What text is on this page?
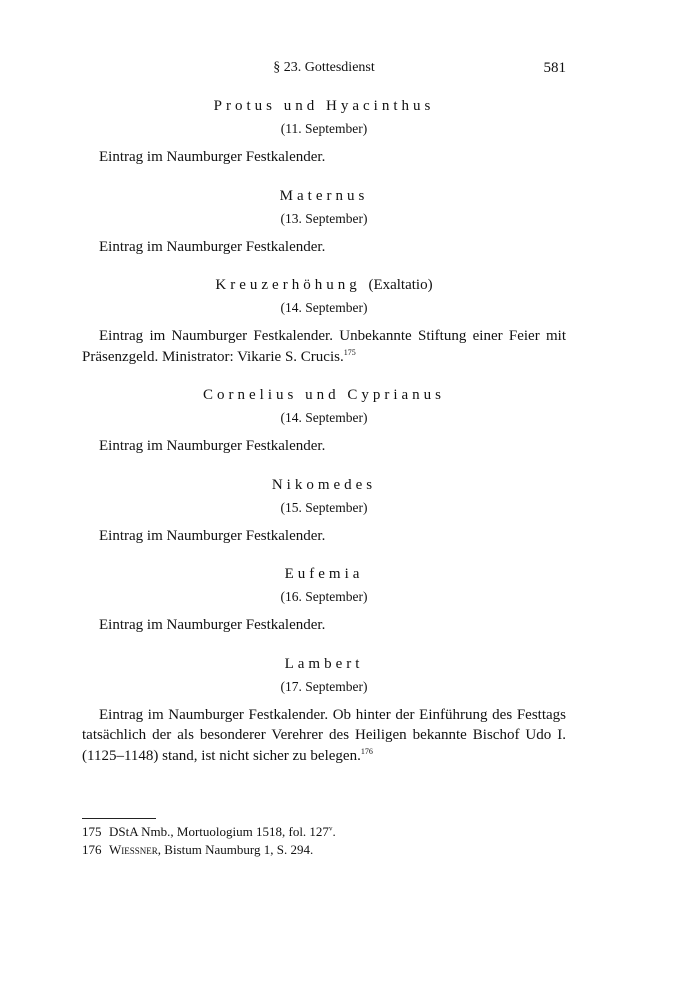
§ 23. Gottesdienst	581
Protus und Hyacinthus
(11. September)
Eintrag im Naumburger Festkalender.
Maternus
(13. September)
Eintrag im Naumburger Festkalender.
Kreuzerhöhung (Exaltatio)
(14. September)
Eintrag im Naumburger Festkalender. Unbekannte Stiftung einer Feier mit Präsenzgeld. Ministrator: Vikarie S. Crucis.$^{175}$
Cornelius und Cyprianus
(14. September)
Eintrag im Naumburger Festkalender.
Nikomedes
(15. September)
Eintrag im Naumburger Festkalender.
Eufemia
(16. September)
Eintrag im Naumburger Festkalender.
Lambert
(17. September)
Eintrag im Naumburger Festkalender. Ob hinter der Einführung des Festtags tatsächlich der als besonderer Verehrer des Heiligen bekannte Bischof Udo I. (1125–1148) stand, ist nicht sicher zu belegen.$^{176}$
175 DStA Nmb., Mortuologium 1518, fol. 127$^v$.
176 Wiessner, Bistum Naumburg 1, S. 294.
